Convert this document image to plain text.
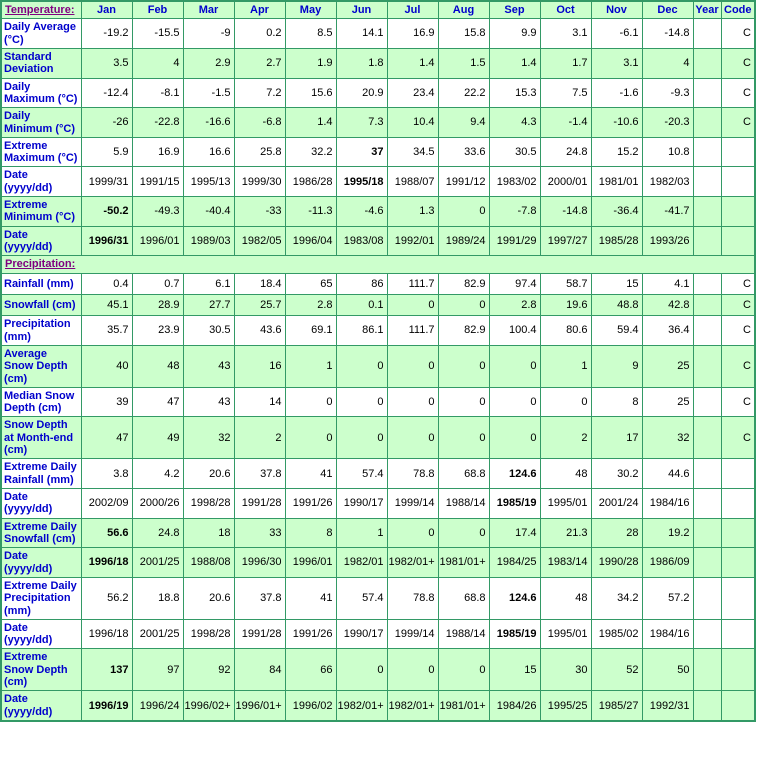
Temperature:	Jan	Feb	Mar	Apr	May	Jun	Jul	Aug	Sep	Oct	Nov	Dec	Year	Code
Daily Average (°C)	-19.2	-15.5	-9	0.2	8.5	14.1	16.9	15.8	9.9	3.1	-6.1	-14.8		C
Standard Deviation	3.5	4	2.9	2.7	1.9	1.8	1.4	1.5	1.4	1.7	3.1	4		C
Daily Maximum (°C)	-12.4	-8.1	-1.5	7.2	15.6	20.9	23.4	22.2	15.3	7.5	-1.6	-9.3		C
Daily Minimum (°C)	-26	-22.8	-16.6	-6.8	1.4	7.3	10.4	9.4	4.3	-1.4	-10.6	-20.3		C
Extreme Maximum (°C)	5.9	16.9	16.6	25.8	32.2	37	34.5	33.6	30.5	24.8	15.2	10.8		
Date (yyyy/dd)	1999/31	1991/15	1995/13	1999/30	1986/28	1995/18	1988/07	1991/12	1983/02	2000/01	1981/01	1982/03		
Extreme Minimum (°C)	-50.2	-49.3	-40.4	-33	-11.3	-4.6	1.3	0	-7.8	-14.8	-36.4	-41.7		
Date (yyyy/dd)	1996/31	1996/01	1989/03	1982/05	1996/04	1983/08	1992/01	1989/24	1991/29	1997/27	1985/28	1993/26		
Precipitation:														
Rainfall (mm)	0.4	0.7	6.1	18.4	65	86	111.7	82.9	97.4	58.7	15	4.1		C
Snowfall (cm)	45.1	28.9	27.7	25.7	2.8	0.1	0	0	2.8	19.6	48.8	42.8		C
Precipitation (mm)	35.7	23.9	30.5	43.6	69.1	86.1	111.7	82.9	100.4	80.6	59.4	36.4		C
Average Snow Depth (cm)	40	48	43	16	1	0	0	0	0	1	9	25		C
Median Snow Depth (cm)	39	47	43	14	0	0	0	0	0	0	8	25		C
Snow Depth at Month-end (cm)	47	49	32	2	0	0	0	0	0	2	17	32		C
Extreme Daily Rainfall (mm)	3.8	4.2	20.6	37.8	41	57.4	78.8	68.8	124.6	48	30.2	44.6		
Date (yyyy/dd)	2002/09	2000/26	1998/28	1991/28	1991/26	1990/17	1999/14	1988/14	1985/19	1995/01	2001/24	1984/16		
Extreme Daily Snowfall (cm)	56.6	24.8	18	33	8	1	0	0	17.4	21.3	28	19.2		
Date (yyyy/dd)	1996/18	2001/25	1988/08	1996/30	1996/01	1982/01	1982/01+	1981/01+	1984/25	1983/14	1990/28	1986/09		
Extreme Daily Precipitation (mm)	56.2	18.8	20.6	37.8	41	57.4	78.8	68.8	124.6	48	34.2	57.2		
Date (yyyy/dd)	1996/18	2001/25	1998/28	1991/28	1991/26	1990/17	1999/14	1988/14	1985/19	1995/01	1985/02	1984/16		
Extreme Snow Depth (cm)	137	97	92	84	66	0	0	0	15	30	52	50		
Date (yyyy/dd)	1996/19	1996/24	1996/02+	1996/01+	1996/02	1982/01+	1982/01+	1981/01+	1984/26	1995/25	1985/27	1992/31		
